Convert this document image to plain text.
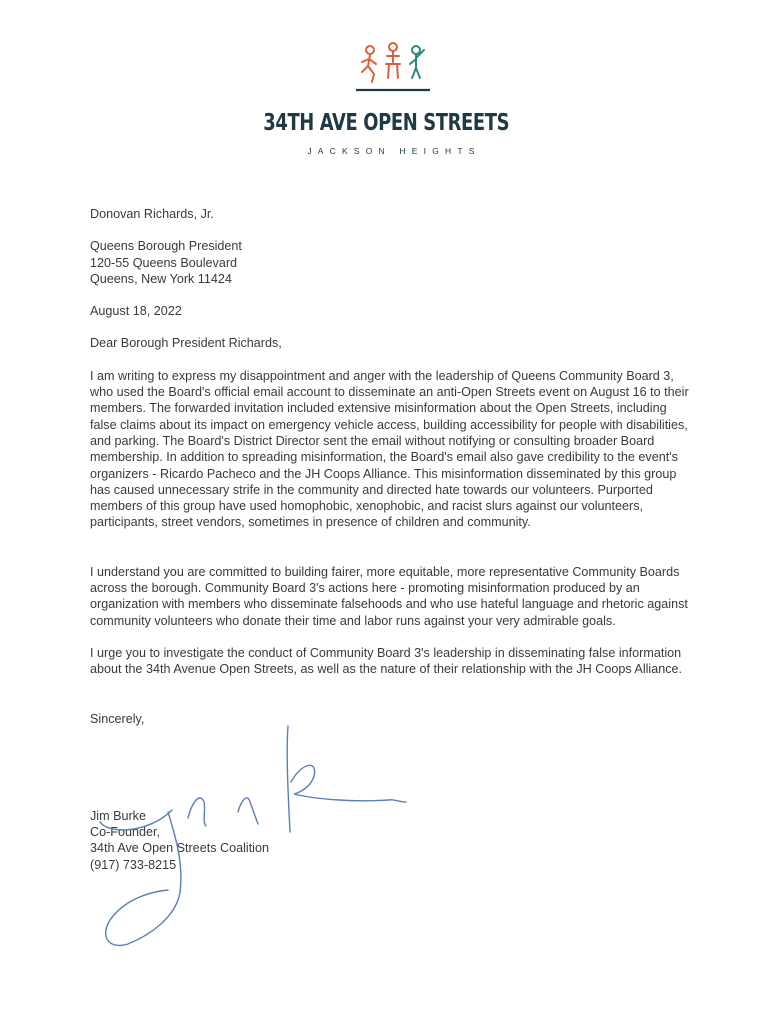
34TH AVE OPEN STREETS
JACKSON HEIGHTS

Donovan Richards, Jr.

Queens Borough President

120-55 Queens Boulevard

Queens, New York 11424

August 18, 2022

Dear Borough President Richards,

I am writing to express my disappointment and anger with the leadership of Queens Community Board 3, who used the Board's official email account to disseminate an anti-Open Streets event on August 16 to their members. The forwarded invitation included extensive misinformation about the Open Streets, including false claims about its impact on emergency vehicle access, building accessibility for people with disabilities, and parking. The Board's District Director sent the email without notifying or consulting broader Board membership. In addition to spreading misinformation, the Board's email also gave credibility to the event's organizers - Ricardo Pacheco and the JH Coops Alliance. This misinformation disseminated by this group has caused unnecessary strife in the community and directed hate towards our volunteers. Purported members of this group have used homophobic, xenophobic, and racist slurs against our volunteers, participants, street vendors, sometimes in presence of children and community.

I understand you are committed to building fairer, more equitable, more representative Community Boards across the borough. Community Board 3's actions here - promoting misinformation produced by an organization with members who disseminate falsehoods and who use hateful language and rhetoric against community volunteers who donate their time and labor runs against your very admirable goals.

I urge you to investigate the conduct of Community Board 3's leadership in disseminating false information about the 34th Avenue Open Streets, as well as the nature of their relationship with the JH Coops Alliance.

Sincerely,

Jim Burke

Co-Founder,

34th Ave Open Streets Coalition

(917) 733-8215
